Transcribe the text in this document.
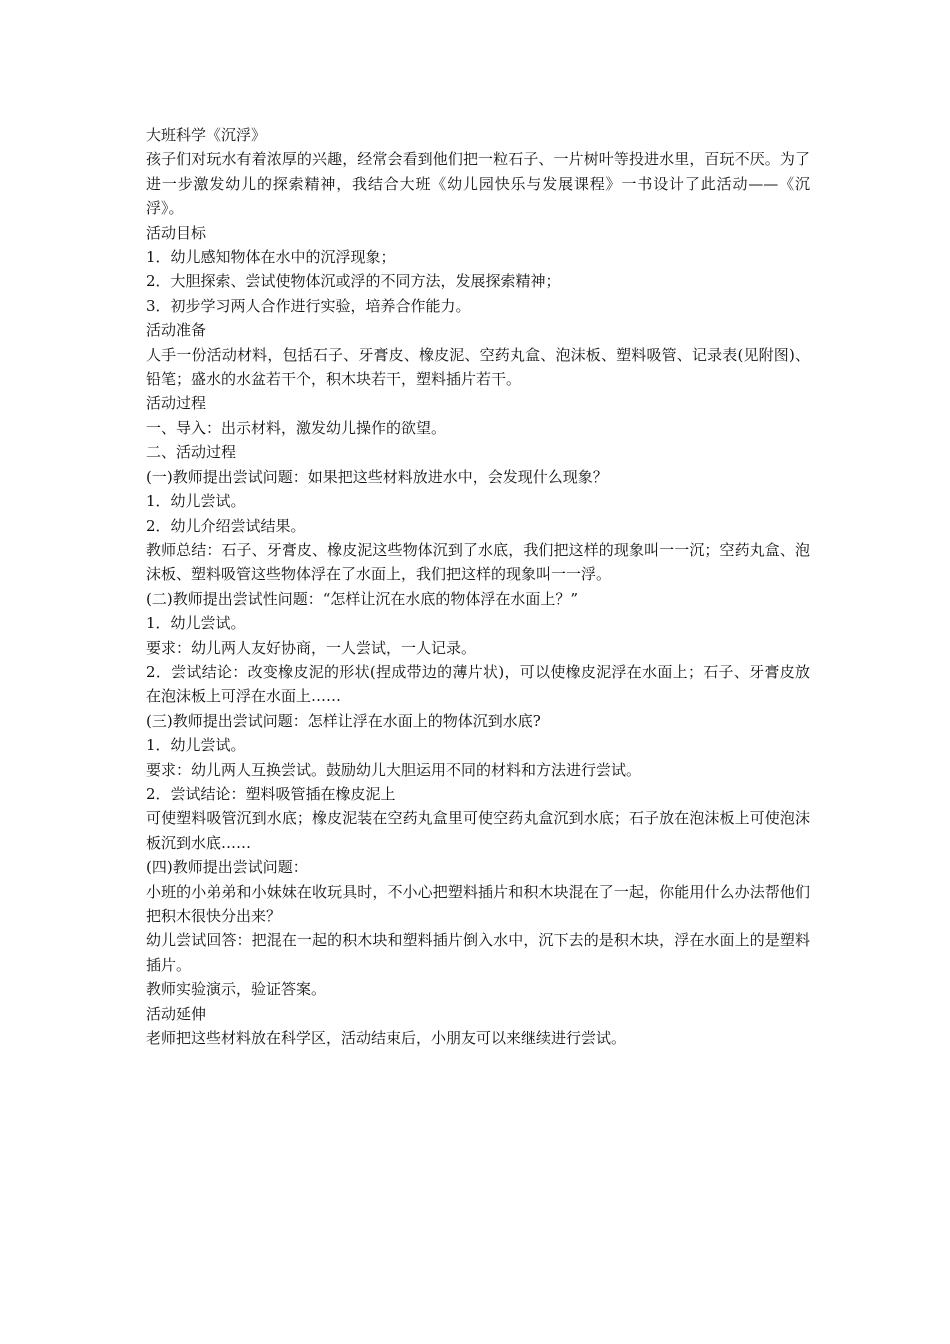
大班科学《沉浮》

孩子们对玩水有着浓厚的兴趣，经常会看到他们把一粒石子、一片树叶等投进水里，百玩不厌。为了进一步激发幼儿的探索精神，我结合大班《幼儿园快乐与发展课程》一书设计了此活动——《沉浮》。

活动目标

1．幼儿感知物体在水中的沉浮现象；

2．大胆探索、尝试使物体沉或浮的不同方法，发展探索精神；

3．初步学习两人合作进行实验，培养合作能力。

活动准备

人手一份活动材料，包括石子、牙膏皮、橡皮泥、空药丸盒、泡沫板、塑料吸管、记录表(见附图)、铅笔；盛水的水盆若干个，积木块若干，塑料插片若干。

活动过程

一、导入：出示材料，激发幼儿操作的欲望。

二、活动过程

(一)教师提出尝试问题：如果把这些材料放进水中，会发现什么现象？

1．幼儿尝试。

2．幼儿介绍尝试结果。

教师总结：石子、牙膏皮、橡皮泥这些物体沉到了水底，我们把这样的现象叫一一沉；空药丸盒、泡沫板、塑料吸管这些物体浮在了水面上，我们把这样的现象叫一一浮。

(二)教师提出尝试性问题：“怎样让沉在水底的物体浮在水面上？”

1．幼儿尝试。

要求：幼儿两人友好协商，一人尝试，一人记录。

2．尝试结论：改变橡皮泥的形状(捏成带边的薄片状)，可以使橡皮泥浮在水面上；石子、牙膏皮放在泡沫板上可浮在水面上……

(三)教师提出尝试问题：怎样让浮在水面上的物体沉到水底?

1．幼儿尝试。

要求：幼儿两人互换尝试。鼓励幼儿大胆运用不同的材料和方法进行尝试。

2．尝试结论：塑料吸管插在橡皮泥上

可使塑料吸管沉到水底；橡皮泥装在空药丸盒里可使空药丸盒沉到水底；石子放在泡沫板上可使泡沫板沉到水底……

(四)教师提出尝试问题：

小班的小弟弟和小妹妹在收玩具时，不小心把塑料插片和积木块混在了一起，你能用什么办法帮他们把积木很快分出来？

幼儿尝试回答：把混在一起的积木块和塑料插片倒入水中，沉下去的是积木块，浮在水面上的是塑料插片。

教师实验演示，验证答案。

活动延伸

老师把这些材料放在科学区，活动结束后，小朋友可以来继续进行尝试。
